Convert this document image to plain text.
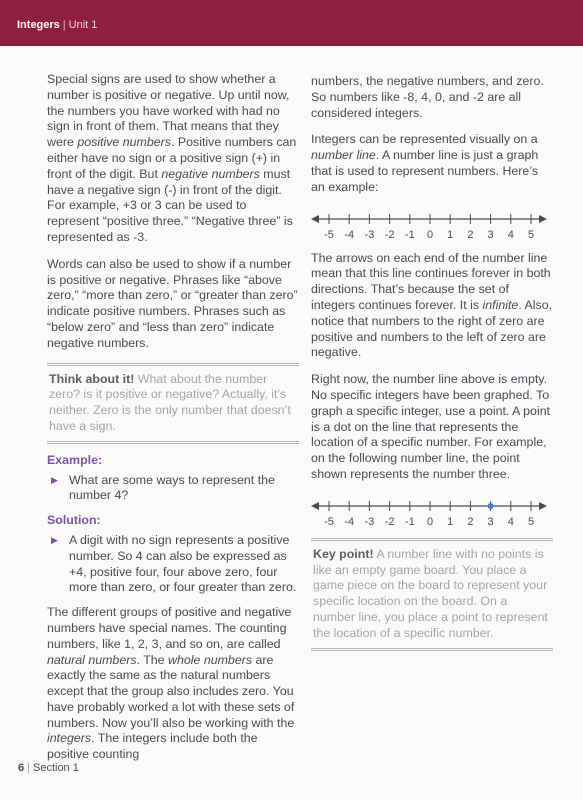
Integers | Unit 1

Special signs are used to show whether a number is positive or negative. Up until now, the numbers you have worked with had no sign in front of them. That means that they were positive numbers. Positive numbers can either have no sign or a positive sign (+) in front of the digit. But negative numbers must have a negative sign (-) in front of the digit. For example, +3 or 3 can be used to represent “positive three.” “Negative three” is represented as -3.

Words can also be used to show if a number is positive or negative. Phrases like “above zero,” “more than zero,” or “greater than zero” indicate positive numbers. Phrases such as “below zero” and “less than zero” indicate negative numbers.

Think about it! What about the number zero? is it positive or negative? Actually, it’s neither. Zero is the only number that doesn’t have a sign.
Example:
▶ What are some ways to represent the number 4?
Solution:
▶ A digit with no sign represents a positive number. So 4 can also be expressed as +4, positive four, four above zero, four more than zero, or four greater than zero.

The different groups of positive and negative numbers have special names. The counting numbers, like 1, 2, 3, and so on, are called natural numbers. The whole numbers are exactly the same as the natural numbers except that the group also includes zero. You have probably worked a lot with these sets of numbers. Now you’ll also be working with the integers. The integers include both the positive counting

numbers, the negative numbers, and zero. So numbers like -8, 4, 0, and -2 are all considered integers.

Integers can be represented visually on a number line. A number line is just a graph that is used to represent numbers. Here’s an example:

-5 -4 -3 -2 -1 0 1 2 3 4 5

The arrows on each end of the number line mean that this line continues forever in both directions. That’s because the set of integers continues forever. It is infinite. Also, notice that numbers to the right of zero are positive and numbers to the left of zero are negative.

Right now, the number line above is empty. No specific integers have been graphed. To graph a specific integer, use a point. A point is a dot on the line that represents the location of a specific number. For example, on the following number line, the point shown represents the number three.

-5 -4 -3 -2 -1 0 1 2 3 4 5
Key point! A number line with no points is like an empty game board. You place a game piece on the board to represent your specific location on the board. On a number line, you place a point to represent the location of a specific number.
6 | Section 1
